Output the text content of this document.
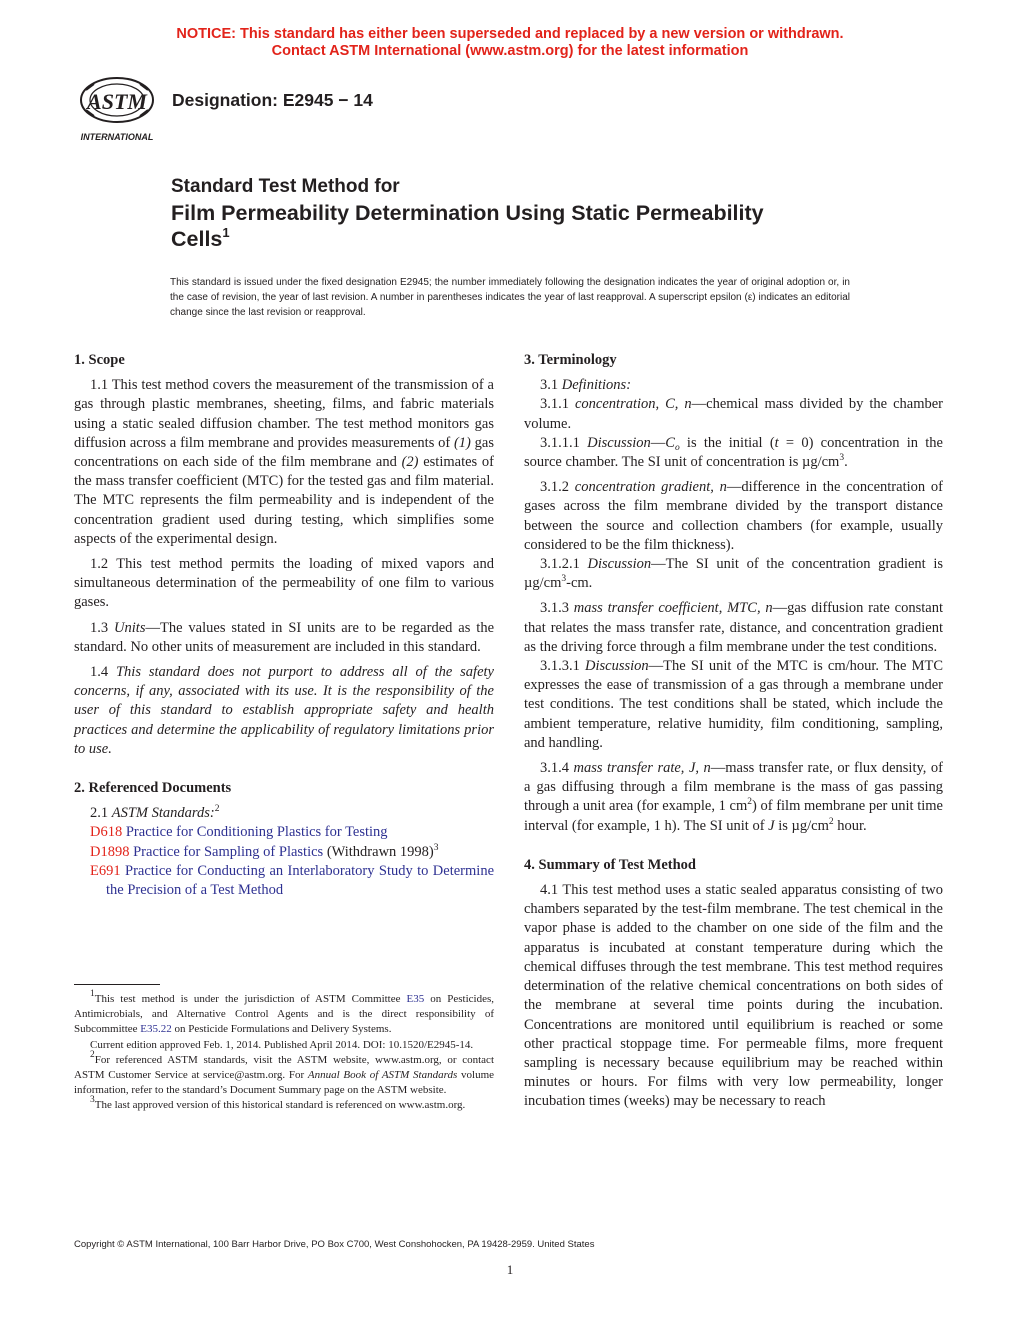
NOTICE: This standard has either been superseded and replaced by a new version or withdrawn.
Contact ASTM International (www.astm.org) for the latest information
ASTM
INTERNATIONAL
Designation: E2945 − 14
Standard Test Method for
Film Permeability Determination Using Static Permeability
Cells$^1$
This standard is issued under the fixed designation E2945; the number immediately following the designation indicates the year of original adoption or, in the case of revision, the year of last revision. A number in parentheses indicates the year of last reapproval. A superscript epsilon (ε) indicates an editorial change since the last revision or reapproval.

1. Scope

1.1 This test method covers the measurement of the transmission of a gas through plastic membranes, sheeting, films, and fabric materials using a static sealed diffusion chamber. The test method monitors gas diffusion across a film membrane and provides measurements of (1) gas concentrations on each side of the film membrane and (2) estimates of the mass transfer coefficient (MTC) for the tested gas and film material. The MTC represents the film permeability and is independent of the concentration gradient used during testing, which simplifies some aspects of the experimental design.

1.2 This test method permits the loading of mixed vapors and simultaneous determination of the permeability of one film to various gases.

1.3 Units—The values stated in SI units are to be regarded as the standard. No other units of measurement are included in this standard.

1.4 This standard does not purport to address all of the safety concerns, if any, associated with its use. It is the responsibility of the user of this standard to establish appropriate safety and health practices and determine the applicability of regulatory limitations prior to use.

2. Referenced Documents

2.1 ASTM Standards:$^2$

D618 Practice for Conditioning Plastics for Testing

D1898 Practice for Sampling of Plastics (Withdrawn 1998)$^3$

E691 Practice for Conducting an Interlaboratory Study to Determine the Precision of a Test Method

$^1$This test method is under the jurisdiction of ASTM Committee E35 on Pesticides, Antimicrobials, and Alternative Control Agents and is the direct responsibility of Subcommittee E35.22 on Pesticide Formulations and Delivery Systems.

Current edition approved Feb. 1, 2014. Published April 2014. DOI: 10.1520/E2945-14.

$^2$For referenced ASTM standards, visit the ASTM website, www.astm.org, or contact ASTM Customer Service at service@astm.org. For Annual Book of ASTM Standards volume information, refer to the standard’s Document Summary page on the ASTM website.

$^3$The last approved version of this historical standard is referenced on www.astm.org.

3. Terminology

3.1 Definitions:

3.1.1 concentration, C, n—chemical mass divided by the chamber volume.

3.1.1.1 $Discussion—C_o$ is the initial (t = 0) concentration in the source chamber. The SI unit of concentration is $\mu g/cm^3$.

3.1.2 concentration gradient, n—difference in the concentration of gases across the film membrane divided by the transport distance between the source and collection chambers (for example, usually considered to be the film thickness).

3.1.2.1 Discussion—The SI unit of the concentration gradient is $\mu g/cm^3-cm$.

3.1.3 mass transfer coefficient, MTC, n—gas diffusion rate constant that relates the mass transfer rate, distance, and concentration gradient as the driving force through a film membrane under the test conditions.

3.1.3.1 Discussion—The SI unit of the MTC is cm/hour. The MTC expresses the ease of transmission of a gas through a membrane under test conditions. The test conditions shall be stated, which include the ambient temperature, relative humidity, film conditioning, sampling, and handling.

3.1.4 mass transfer rate, J, n—mass transfer rate, or flux density, of a gas diffusing through a film membrane is the mass of gas passing through a unit area (for example, 1 $cm^2$) of film membrane per unit time interval (for example, 1 h). The SI unit of J is $\mu g/cm^2$ hour.

4. Summary of Test Method

4.1 This test method uses a static sealed apparatus consisting of two chambers separated by the test-film membrane. The test chemical in the vapor phase is added to the chamber on one side of the film and the apparatus is incubated at constant temperature during which the chemical diffuses through the test membrane. This test method requires determination of the relative chemical concentrations on both sides of the membrane at several time points during the incubation. Concentrations are monitored until equilibrium is reached or some other practical stoppage time. For permeable films, more frequent sampling is necessary because equilibrium may be reached within minutes or hours. For films with very low permeability, longer incubation times (weeks) may be necessary to reach

Copyright © ASTM International, 100 Barr Harbor Drive, PO Box C700, West Conshohocken, PA 19428-2959. United States
1
